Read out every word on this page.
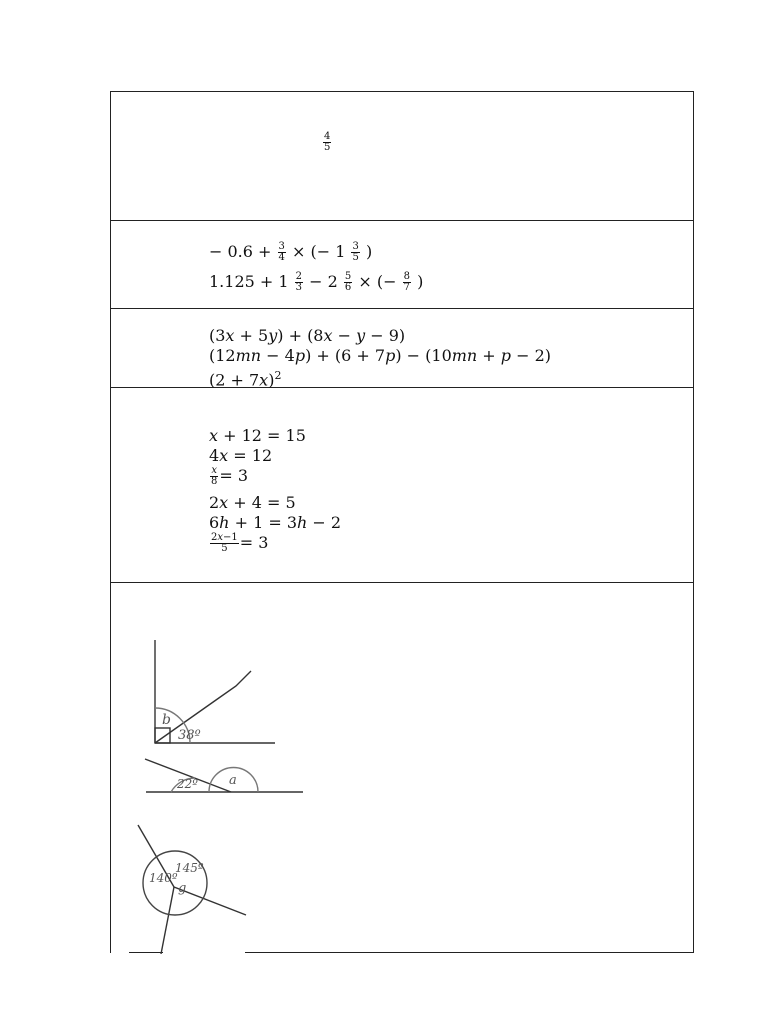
$\frac{4}{5}$
− $0.6 + \frac{3}{4}$ × (− $1 \frac{3}{5}$ )
$1.125 + 1 \frac{2}{3} - 2 \frac{5}{6}$ × (− $\frac{8}{7}$ )
(3𝑥 + 5𝑦) + (8𝑥 − 𝑦 − 9)
(12𝑚𝑛 − 4𝑝) + (6 + 7𝑝) − (10𝑚𝑛 + 𝑝 − 2)
(2 + 7𝑥)$^2$
𝑥 + 12 = 15
4𝑥 = 12
$\frac{\text{𝑥}}{8} = 3$
2𝑥 + 4 = 5
6ℎ + 1 = 3ℎ − 2
$\frac{\text{2𝑥−1}}{5} = 3$
b
38º
22º a
145º
140º
g
